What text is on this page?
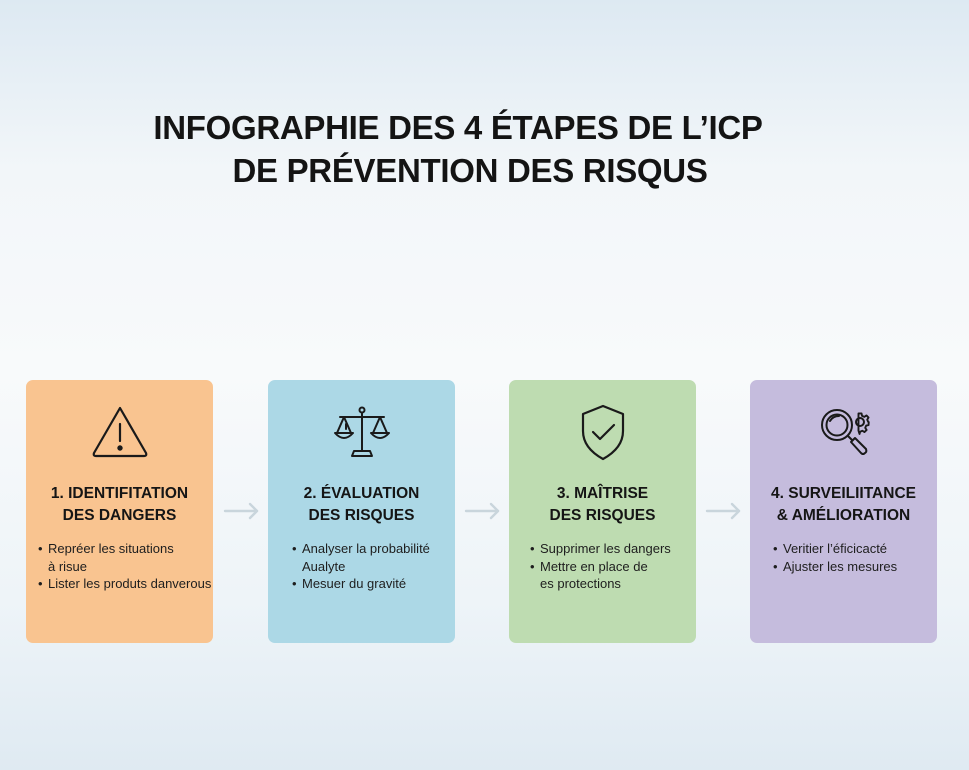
INFOGRAPHIE DES 4 ÉTAPES DE L’ICP
DE PRÉVENTION DES RISQUS
1. IDENTIFITATION
DES DANGERS
• Repréer les situations
à risue
• Lister les produts danverous
2. ÉVALUATION
DES RISQUES
• Analyser la probabilité
Aualyte
• Mesuer du gravité
3. MAÎTRISE
DES RISQUES
• Supprimer les dangers
• Mettre en place de
es protections
4. SURVEILIITANCE
& AMÉLIORATION
• Veritier l’éficicacté
• Ajuster les mesures
